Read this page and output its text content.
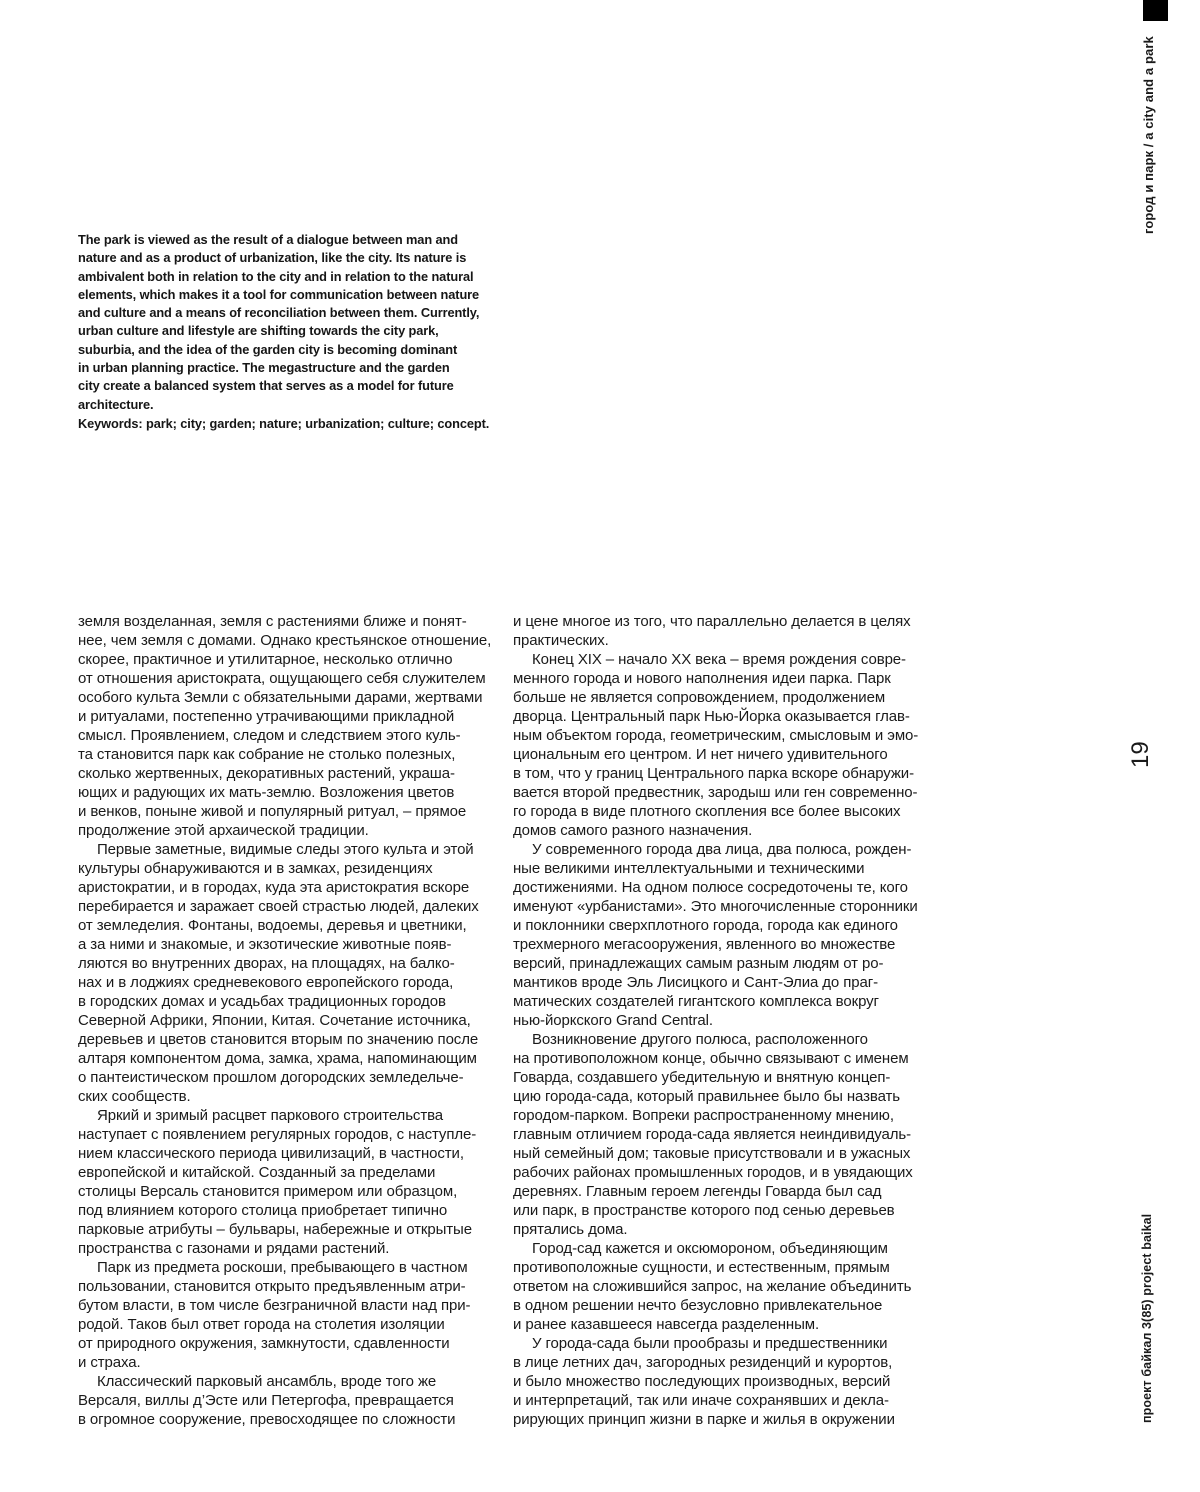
город и парк / a city and a park
19
проект байкал 3(85) project baikal
The park is viewed as the result of a dialogue between man and
nature and as a product of urbanization, like the city. Its nature is
ambivalent both in relation to the city and in relation to the natural
elements, which makes it a tool for communication between nature
and culture and a means of reconciliation between them. Currently,
urban culture and lifestyle are shifting towards the city park,
suburbia, and the idea of the garden city is becoming dominant
in urban planning practice. The megastructure and the garden
city create a balanced system that serves as a model for future
architecture.
Keywords: park; city; garden; nature; urbanization; culture; concept.
земля возделанная, земля с растениями ближе и понят-
нее, чем земля с домами. Однако крестьянское отношение,
скорее, практичное и утилитарное, несколько отлично
от отношения аристократа, ощущающего себя служителем
особого культа Земли с обязательными дарами, жертвами
и ритуалами, постепенно утрачивающими прикладной
смысл. Проявлением, следом и следствием этого куль-
та становится парк как собрание не столько полезных,
сколько жертвенных, декоративных растений, украша-
ющих и радующих их мать-землю. Возложения цветов
и венков, поныне живой и популярный ритуал, – прямое
продолжение этой архаической традиции.
Первые заметные, видимые следы этого культа и этой
культуры обнаруживаются и в замках, резиденциях
аристократии, и в городах, куда эта аристократия вскоре
перебирается и заражает своей страстью людей, далеких
от земледелия. Фонтаны, водоемы, деревья и цветники,
а за ними и знакомые, и экзотические животные появ-
ляются во внутренних дворах, на площадях, на балко-
нах и в лоджиях средневекового европейского города,
в городских домах и усадьбах традиционных городов
Северной Африки, Японии, Китая. Сочетание источника,
деревьев и цветов становится вторым по значению после
алтаря компонентом дома, замка, храма, напоминающим
о пантеистическом прошлом догородских земледельче-
ских сообществ.
Яркий и зримый расцвет паркового строительства
наступает с появлением регулярных городов, с наступле-
нием классического периода цивилизаций, в частности,
европейской и китайской. Созданный за пределами
столицы Версаль становится примером или образцом,
под влиянием которого столица приобретает типично
парковые атрибуты – бульвары, набережные и открытые
пространства с газонами и рядами растений.
Парк из предмета роскоши, пребывающего в частном
пользовании, становится открыто предъявленным атри-
бутом власти, в том числе безграничной власти над при-
родой. Таков был ответ города на столетия изоляции
от природного окружения, замкнутости, сдавленности
и страха.
Классический парковый ансамбль, вроде того же
Версаля, виллы д’Эсте или Петергофа, превращается
в огромное сооружение, превосходящее по сложности
и цене многое из того, что параллельно делается в целях
практических.
Конец XIX – начало XX века – время рождения совре-
менного города и нового наполнения идеи парка. Парк
больше не является сопровождением, продолжением
дворца. Центральный парк Нью-Йорка оказывается глав-
ным объектом города, геометрическим, смысловым и эмо-
циональным его центром. И нет ничего удивительного
в том, что у границ Центрального парка вскоре обнаружи-
вается второй предвестник, зародыш или ген современно-
го города в виде плотного скопления все более высоких
домов самого разного назначения.
У современного города два лица, два полюса, рожден-
ные великими интеллектуальными и техническими
достижениями. На одном полюсе сосредоточены те, кого
именуют «урбанистами». Это многочисленные сторонники
и поклонники сверхплотного города, города как единого
трехмерного мегасооружения, явленного во множестве
версий, принадлежащих самым разным людям от ро-
мантиков вроде Эль Лисицкого и Сант-Элиа до праг-
матических создателей гигантского комплекса вокруг
нью-йоркского Grand Central.
Возникновение другого полюса, расположенного
на противоположном конце, обычно связывают с именем
Говарда, создавшего убедительную и внятную концеп-
цию города-сада, который правильнее было бы назвать
городом-парком. Вопреки распространенному мнению,
главным отличием города-сада является неиндивидуаль-
ный семейный дом; таковые присутствовали и в ужасных
рабочих районах промышленных городов, и в увядающих
деревнях. Главным героем легенды Говарда был сад
или парк, в пространстве которого под сенью деревьев
прятались дома.
Город-сад кажется и оксюмороном, объединяющим
противоположные сущности, и естественным, прямым
ответом на сложившийся запрос, на желание объединить
в одном решении нечто безусловно привлекательное
и ранее казавшееся навсегда разделенным.
У города-сада были прообразы и предшественники
в лице летних дач, загородных резиденций и курортов,
и было множество последующих производных, версий
и интерпретаций, так или иначе сохранявших и декла-
рирующих принцип жизни в парке и жилья в окружении
